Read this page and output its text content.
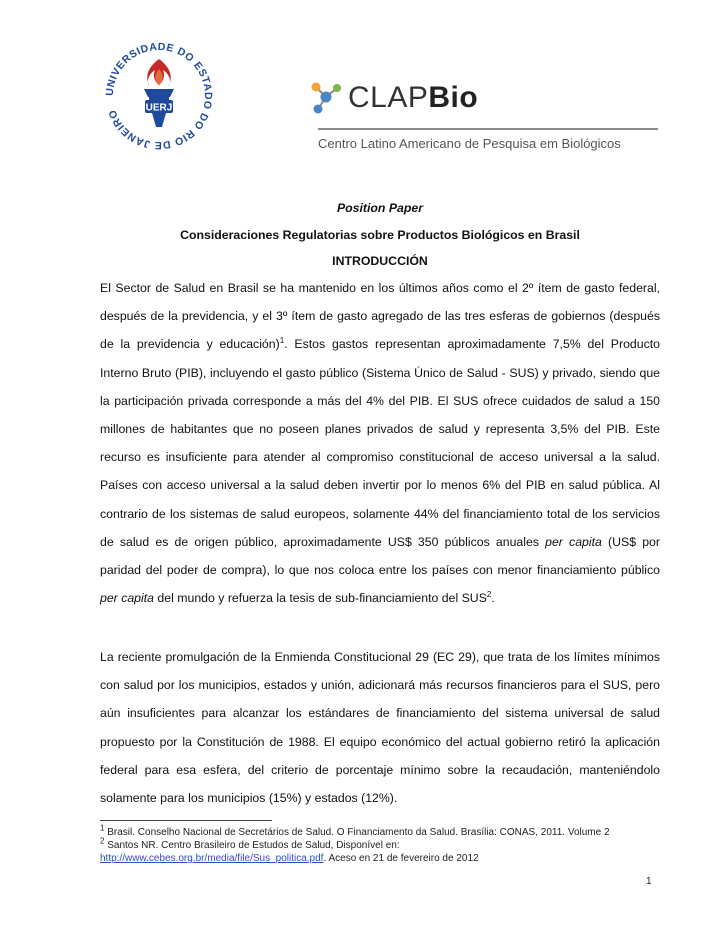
UNIVERSIDADE DO ESTADO DO RIO DE JANEIRO	UERJ	CLAPBio
Centro Latino Americano de Pesquisa em Biológicos
Position Paper
Consideraciones Regulatorias sobre Productos Biológicos en Brasil
INTRODUCCIÓN

El Sector de Salud en Brasil se ha mantenido en los últimos años como el 2º ítem de gasto federal, después de la previdencia, y el 3º ítem de gasto agregado de las tres esferas de gobiernos (después de la previdencia y educación)$^1$. Estos gastos representan aproximadamente 7,5% del Producto Interno Bruto (PIB), incluyendo el gasto público (Sistema Único de Salud - SUS) y privado, siendo que la participación privada corresponde a más del 4% del PIB. El SUS ofrece cuidados de salud a 150 millones de habitantes que no poseen planes privados de salud y representa 3,5% del PIB. Este recurso es insuficiente para atender al compromiso constitucional de acceso universal a la salud. Países con acceso universal a la salud deben invertir por lo menos 6% del PIB en salud pública. Al contrario de los sistemas de salud europeos, solamente 44% del financiamiento total de los servicios de salud es de origen público, aproximadamente US$ 350 públicos anuales per capita (US$ por paridad del poder de compra), lo que nos coloca entre los países con menor financiamiento público per capita del mundo y refuerza la tesis de sub-financiamiento del SUS$^2$.

La reciente promulgación de la Enmienda Constitucional 29 (EC 29), que trata de los límites mínimos con salud por los municipios, estados y unión, adicionará más recursos financieros para el SUS, pero aún insuficientes para alcanzar los estándares de financiamiento del sistema universal de salud propuesto por la Constitución de 1988. El equipo económico del actual gobierno retiró la aplicación federal para esa esfera, del criterio de porcentaje mínimo sobre la recaudación, manteniéndolo solamente para los municipios (15%) y estados (12%).

$^1$ Brasil. Conselho Nacional de Secretários de Salud. O Financiamento da Salud. Brasília: CONAS, 2011. Volume 2

$^2$ Santos NR. Centro Brasileiro de Estudos de Salud, Disponível en:

http://www.cebes.org.br/media/file/Sus_politica.pdf. Aceso en 21 de fevereiro de 2012

1
